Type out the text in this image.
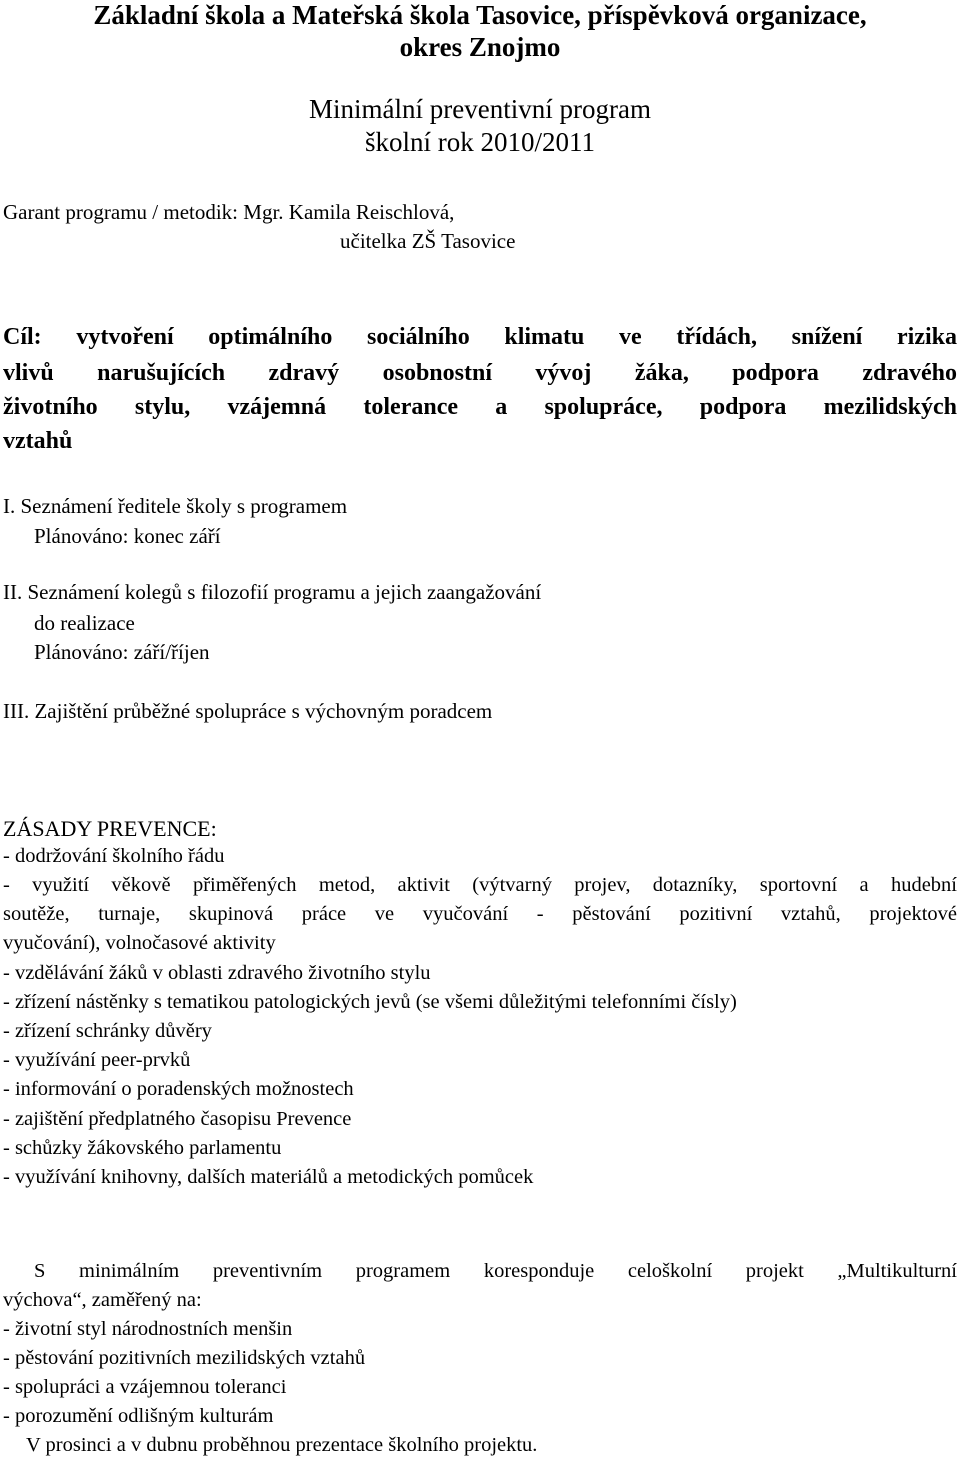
Základní škola a Mateřská škola Tasovice, příspěvková organizace,
okres Znojmo
Minimální preventivní program
školní rok 2010/2011
Garant programu / metodik: Mgr. Kamila Reischlová,
učitelka ZŠ Tasovice
Cíl: vytvoření optimálního sociálního klimatu ve třídách, snížení rizika
vlivů narušujících zdravý osobnostní vývoj žáka, podpora zdravého
životního stylu, vzájemná tolerance a spolupráce, podpora mezilidských
vztahů
I. Seznámení ředitele školy s programem
Plánováno: konec září
II. Seznámení kolegů s filozofií programu a jejich zaangažování
do realizace
Plánováno: září/říjen
III. Zajištění průběžné spolupráce s výchovným poradcem
ZÁSADY PREVENCE:
- dodržování školního řádu
- využití věkově přiměřených metod, aktivit (výtvarný projev, dotazníky, sportovní a hudební
soutěže, turnaje, skupinová práce ve vyučování - pěstování pozitivní vztahů, projektové
vyučování), volnočasové aktivity
- vzdělávání žáků v oblasti zdravého životního stylu
- zřízení nástěnky s tematikou patologických jevů (se všemi důležitými telefonními čísly)
- zřízení schránky důvěry
- využívání peer-prvků
- informování o poradenských možnostech
- zajištění předplatného časopisu Prevence
- schůzky žákovského parlamentu
- využívání knihovny, dalších materiálů a metodických pomůcek
S minimálním preventivním programem koresponduje celoškolní projekt „Multikulturní
výchova“, zaměřený na:
- životní styl národnostních menšin
- pěstování pozitivních mezilidských vztahů
- spolupráci a vzájemnou toleranci
- porozumění odlišným kulturám
V prosinci a v dubnu proběhnou prezentace školního projektu.
